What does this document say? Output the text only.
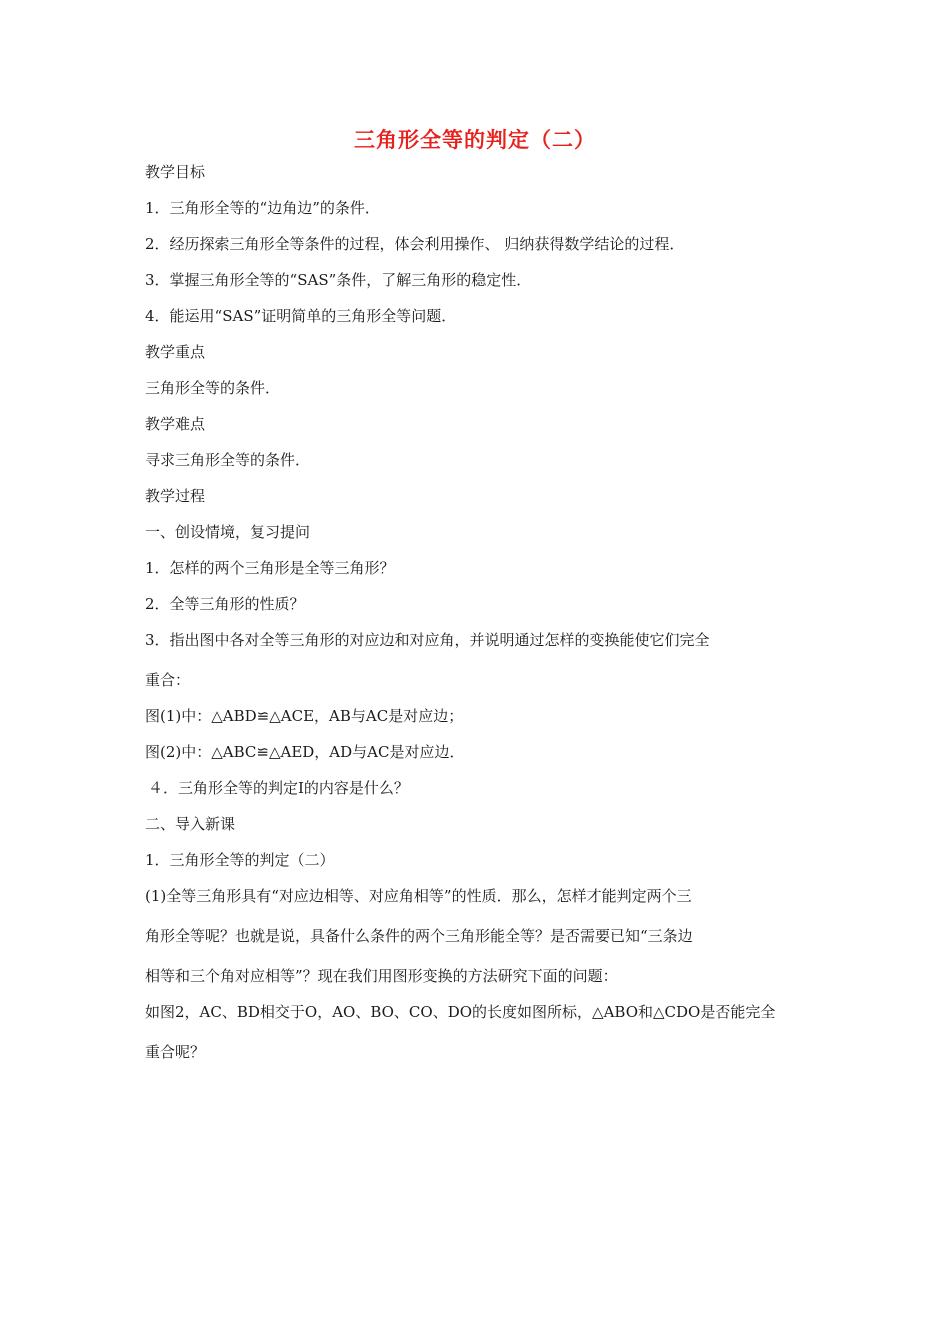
三角形全等的判定（二）
教学目标
1．三角形全等的“边角边”的条件．
2．经历探索三角形全等条件的过程，体会利用操作、 归纳获得数学结论的过程．
3．掌握三角形全等的“SAS”条件，了解三角形的稳定性．
4．能运用“SAS”证明简单的三角形全等问题．
教学重点
三角形全等的条件．
教学难点
寻求三角形全等的条件．
教学过程
一、创设情境，复习提问
1．怎样的两个三角形是全等三角形？
2．全等三角形的性质？
3．指出图中各对全等三角形的对应边和对应角，并说明通过怎样的变换能使它们完全
重合：
图(1)中：△ABD≌△ACE，AB与AC是对应边；
图(2)中：△ABC≌△AED，AD与AC是对应边．
４．三角形全等的判定Ⅰ的内容是什么？
二、导入新课
1．三角形全等的判定（二）
(1)全等三角形具有“对应边相等、对应角相等”的性质．那么，怎样才能判定两个三
角形全等呢？也就是说，具备什么条件的两个三角形能全等？是否需要已知“三条边
相等和三个角对应相等”？现在我们用图形变换的方法研究下面的问题：
如图2，AC、BD相交于O，AO、BO、CO、DO的长度如图所标，△ABO和△CDO是否能完全
重合呢？
